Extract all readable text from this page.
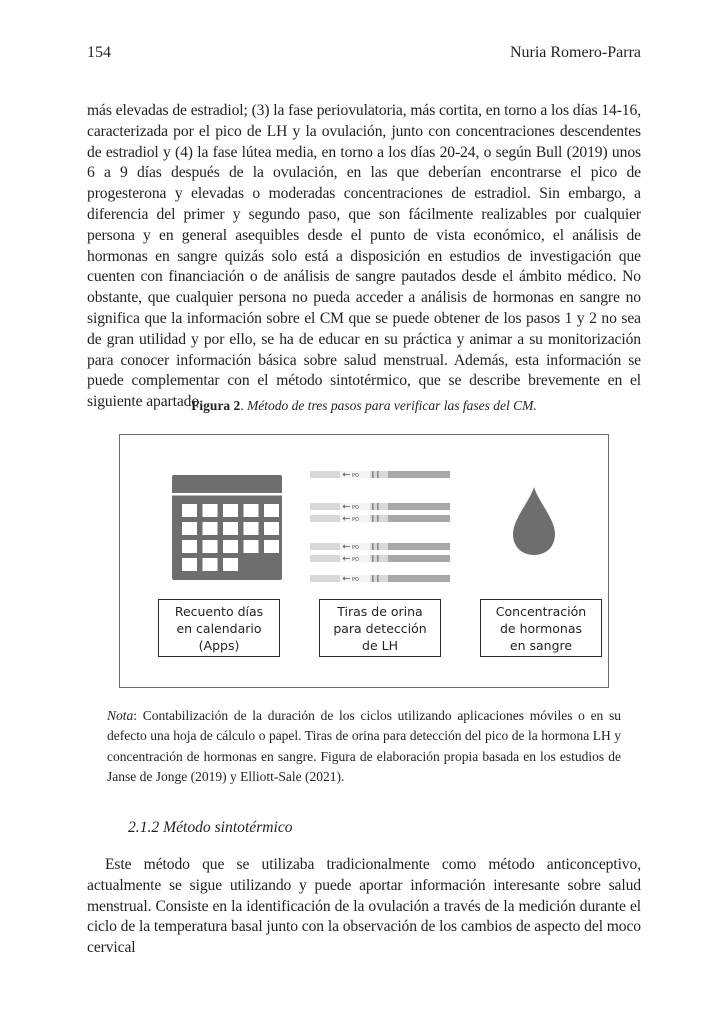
154	Nuria Romero-Parra

más elevadas de estradiol; (3) la fase periovulatoria, más cortita, en torno a los días 14-16, caracterizada por el pico de LH y la ovulación, junto con concentraciones descendentes de estradiol y (4) la fase lútea media, en torno a los días 20-24, o según Bull (2019) unos 6 a 9 días después de la ovulación, en las que deberían encontrarse el pico de progesterona y elevadas o moderadas concentraciones de estradiol. Sin embargo, a diferencia del primer y segundo paso, que son fácilmente realizables por cualquier persona y en general asequibles desde el punto de vista económico, el análisis de hormonas en sangre quizás solo está a disposición en estudios de investigación que cuenten con financiación o de análisis de sangre pautados desde el ámbito médico. No obstante, que cualquier persona no pueda acceder a análisis de hormonas en sangre no significa que la información sobre el CM que se puede obtener de los pasos 1 y 2 no sea de gran utilidad y por ello, se ha de educar en su práctica y animar a su monitorización para conocer información básica sobre salud menstrual. Además, esta información se puede complementar con el método sintotérmico, que se describe brevemente en el siguiente apartado.

Figura 2. Método de tres pasos para verificar las fases del CM.
PO
PO
PO
PO
PO
PO
Recuento días
en calendario
(Apps)
Tiras de orina
para detección
de LH
Concentración
de hormonas
en sangre

Nota: Contabilización de la duración de los ciclos utilizando aplicaciones móviles o en su defecto una hoja de cálculo o papel. Tiras de orina para detección del pico de la hormona LH y concentración de hormonas en sangre. Figura de elaboración propia basada en los estudios de Janse de Jonge (2019) y Elliott-Sale (2021).

2.1.2 Método sintotérmico

Este método que se utilizaba tradicionalmente como método anticonceptivo, actualmente se sigue utilizando y puede aportar información interesante sobre salud menstrual. Consiste en la identificación de la ovulación a través de la medición durante el ciclo de la temperatura basal junto con la observación de los cambios de aspecto del moco cervical
